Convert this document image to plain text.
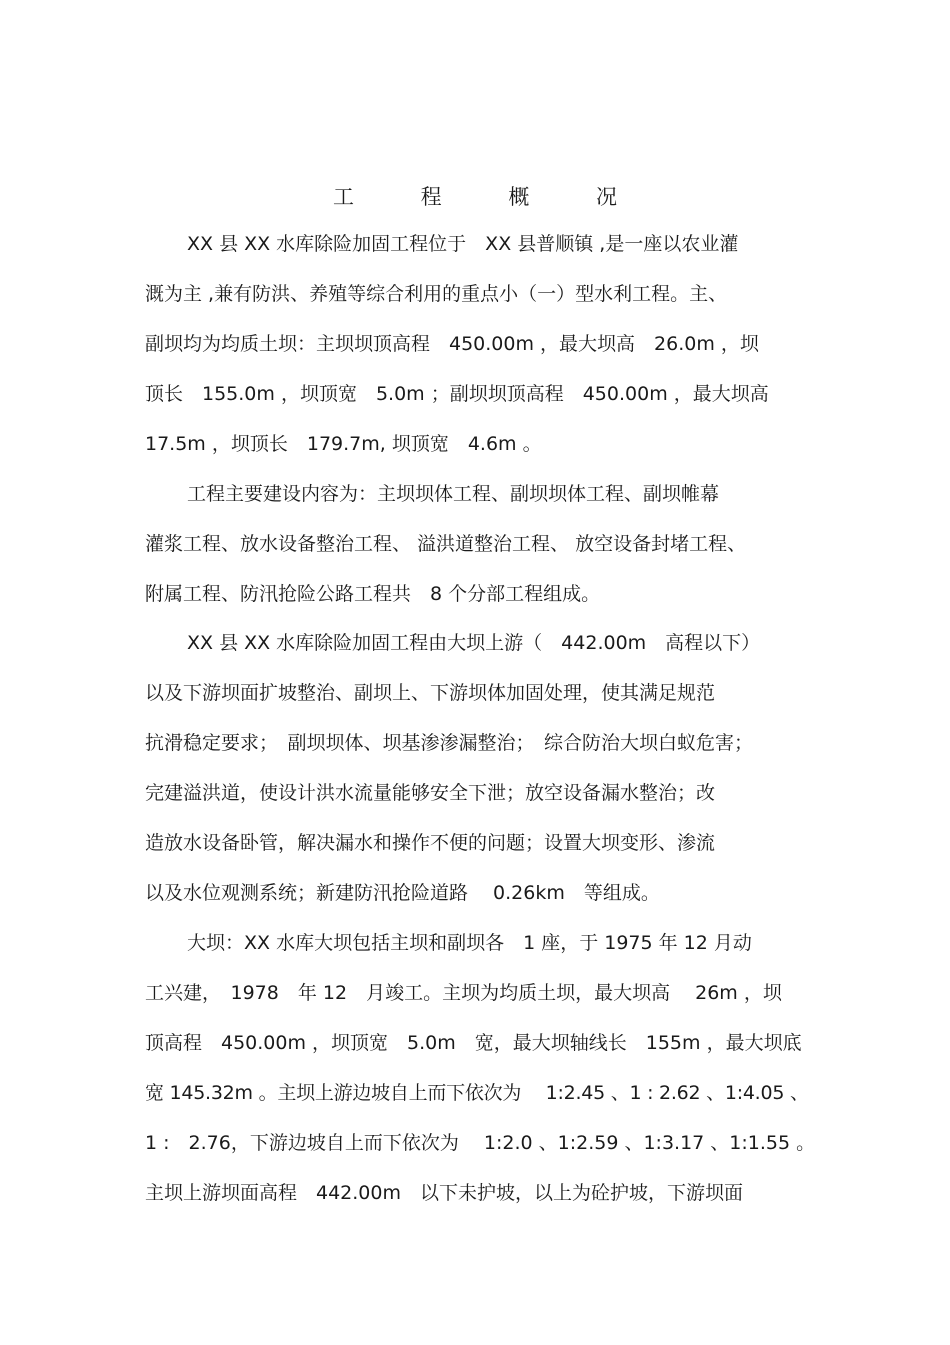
工 程 概 况
XX 县 XX 水库除险加固工程位于　XX 县普顺镇 ,是一座以农业灌
溉为主 ,兼有防洪、养殖等综合利用的重点小（一）型水利工程。主、
副坝均为均质土坝：主坝坝顶高程　450.00m ，最大坝高　26.0m ，坝
顶长　155.0m ，坝顶宽　5.0m ；副坝坝顶高程　450.00m ，最大坝高
17.5m ，坝顶长　179.7m, 坝顶宽　4.6m 。
工程主要建设内容为：主坝坝体工程、副坝坝体工程、副坝帷幕
灌浆工程、放水设备整治工程、 溢洪道整治工程、 放空设备封堵工程、
附属工程、防汛抢险公路工程共　8 个分部工程组成。
XX 县 XX 水库除险加固工程由大坝上游（　442.00m　高程以下）
以及下游坝面扩坡整治、副坝上、下游坝体加固处理，使其满足规范
抗滑稳定要求；　副坝坝体、坝基渗渗漏整治；　综合防治大坝白蚁危害；
完建溢洪道，使设计洪水流量能够安全下泄；放空设备漏水整治；改
造放水设备卧管，解决漏水和操作不便的问题；设置大坝变形、渗流
以及水位观测系统；新建防汛抢险道路　 0.26km　等组成。
大坝：XX 水库大坝包括主坝和副坝各　1 座，于 1975 年 12 月动
工兴建，　1978　年 12　月竣工。主坝为均质土坝，最大坝高　 26m ，坝
顶高程　450.00m ，坝顶宽　5.0m　宽，最大坝轴线长　155m ，最大坝底
宽 145.32m 。主坝上游边坡自上而下依次为　 1:2.45 、1 : 2.62 、1:4.05 、
1 :　2.76，下游边坡自上而下依次为　 1:2.0 、1:2.59 、1:3.17 、1:1.55 。
主坝上游坝面高程　442.00m　以下未护坡，以上为砼护坡，下游坝面
